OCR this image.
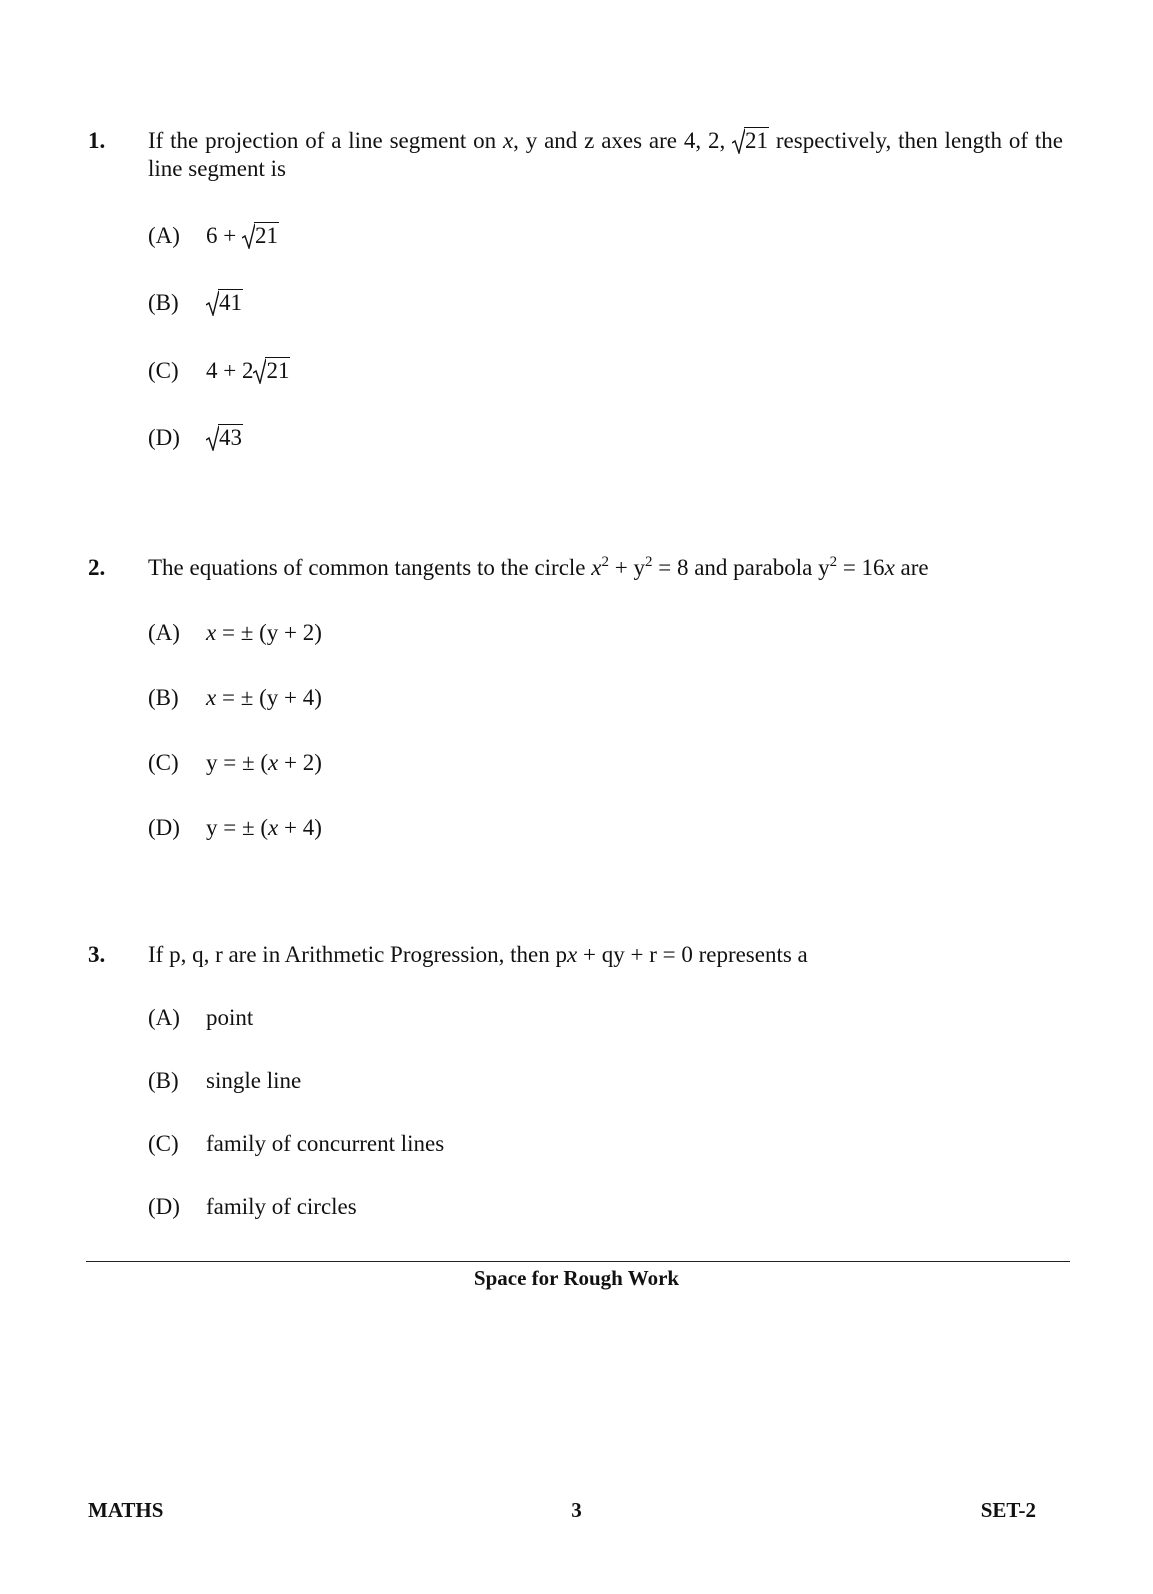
1. If the projection of a line segment on x, y and z axes are 4, 2, 21 respectively, then length of the line segment is
(A) 6 + 21
(B) 41
(C) 4 + 2 21
(D) 43
2. The equations of common tangents to the circle $x^2 + y^2 = 8$ and parabola $y^2 = 16x$ are
(A) x = ± (y + 2)
(B) x = ± (y + 4)
(C) y = ± (x + 2)
(D) y = ± (x + 4)
3. If p, q, r are in Arithmetic Progression, then px + qy + r = 0 represents a
(A) point
(B) single line
(C) family of concurrent lines
(D) family of circles
Space for Rough Work
MATHS	3	SET-2
